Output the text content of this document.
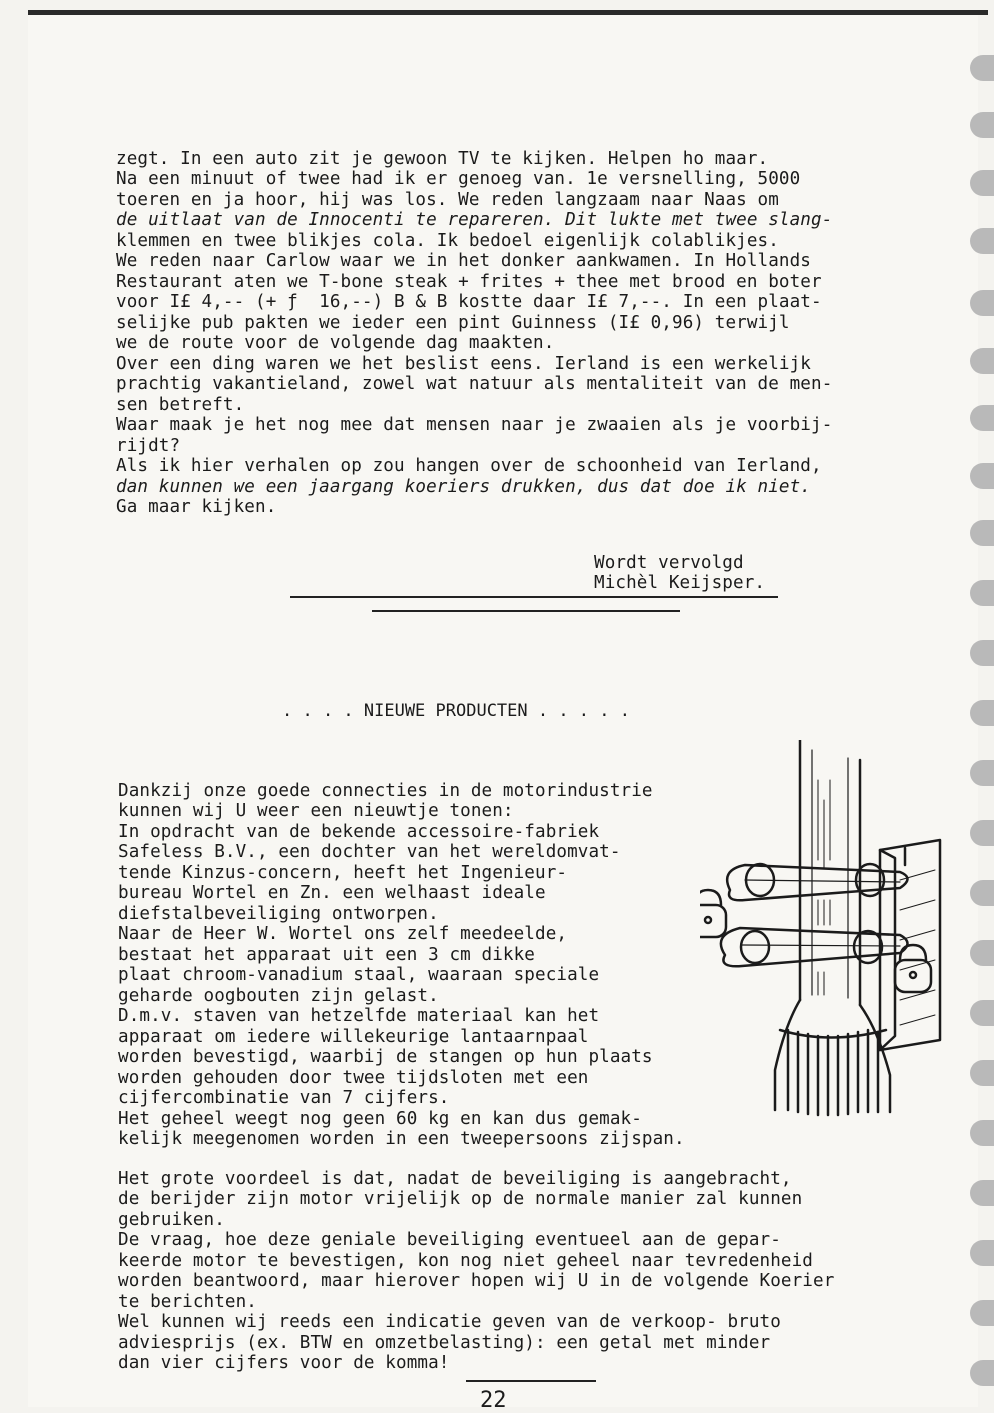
zegt. In een auto zit je gewoon TV te kijken. Helpen ho maar.
Na een minuut of twee had ik er genoeg van. 1e versnelling, 5000
toeren en ja hoor, hij was los. We reden langzaam naar Naas om
de uitlaat van de Innocenti te repareren. Dit lukte met twee slang-
klemmen en twee blikjes cola. Ik bedoel eigenlijk colablikjes.
We reden naar Carlow waar we in het donker aankwamen. In Hollands
Restaurant aten we T-bone steak + frites + thee met brood en boter
voor I£ 4,-- (+ ƒ  16,--) B & B kostte daar I£ 7,--. In een plaat-
selijke pub pakten we ieder een pint Guinness (I£ 0,96) terwijl
we de route voor de volgende dag maakten.
Over een ding waren we het beslist eens. Ierland is een werkelijk
prachtig vakantieland, zowel wat natuur als mentaliteit van de men-
sen betreft.
Waar maak je het nog mee dat mensen naar je zwaaien als je voorbij-
rijdt?
Als ik hier verhalen op zou hangen over de schoonheid van Ierland,
dan kunnen we een jaargang koeriers drukken, dus dat doe ik niet.
Ga maar kijken.

Wordt vervolgd
Michèl Keijsper.

. . . . NIEUWE PRODUCTEN . . . . .

Dankzij onze goede connecties in de motorindustrie
kunnen wij U weer een nieuwtje tonen:
In opdracht van de bekende accessoire-fabriek
Safeless B.V., een dochter van het wereldomvat-
tende Kinzus-concern, heeft het Ingenieur-
bureau Wortel en Zn. een welhaast ideale
diefstalbeveiliging ontworpen.
Naar de Heer W. Wortel ons zelf meedeelde,
bestaat het apparaat uit een 3 cm dikke
plaat chroom-vanadium staal, waaraan speciale
geharde oogbouten zijn gelast.
D.m.v. staven van hetzelfde materiaal kan het
apparaat om iedere willekeurige lantaarnpaal
worden bevestigd, waarbij de stangen op hun plaats
worden gehouden door twee tijdsloten met een
cijfercombinatie van 7 cijfers.
Het geheel weegt nog geen 60 kg en kan dus gemak-
kelijk meegenomen worden in een tweepersoons zijspan.

Het grote voordeel is dat, nadat de beveiliging is aangebracht,
de berijder zijn motor vrijelijk op de normale manier zal kunnen
gebruiken.
De vraag, hoe deze geniale beveiliging eventueel aan de gepar-
keerde motor te bevestigen, kon nog niet geheel naar tevredenheid
worden beantwoord, maar hierover hopen wij U in de volgende Koerier
te berichten.
Wel kunnen wij reeds een indicatie geven van de verkoop- bruto
adviesprijs (ex. BTW en omzetbelasting): een getal met minder
dan vier cijfers voor de komma!

22
